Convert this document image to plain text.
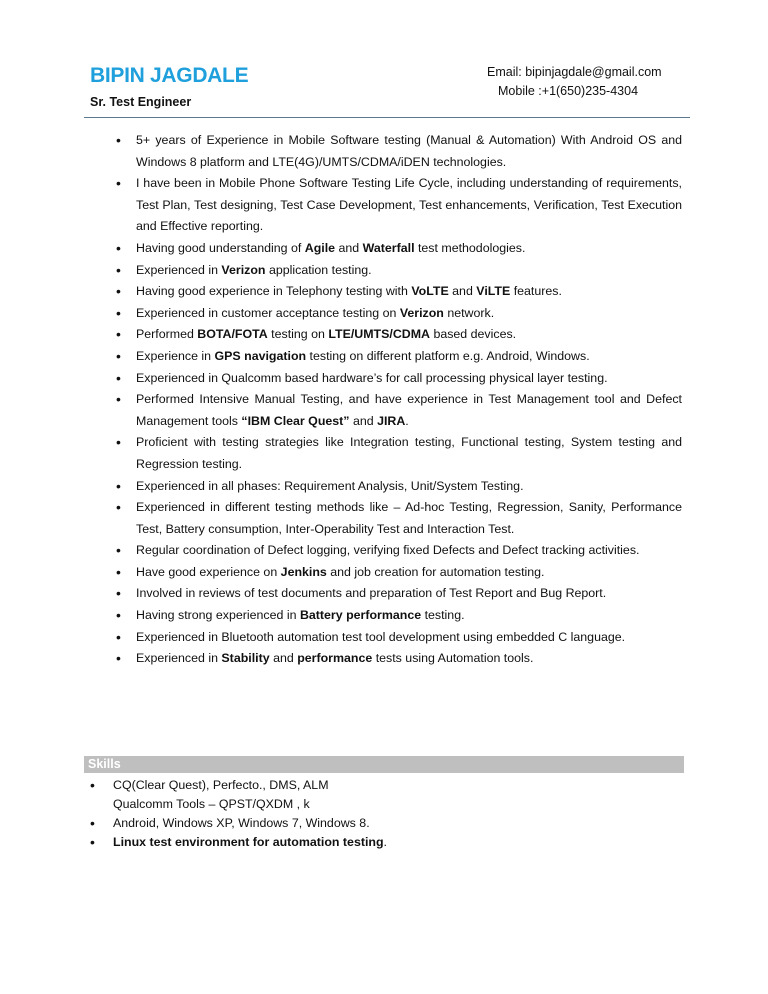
BIPIN JAGDALE
Sr. Test Engineer
Email: bipinjagdale@gmail.com
Mobile :+1(650)235-4304
• 5+ years of Experience in Mobile Software testing (Manual & Automation) With Android OS and Windows 8 platform and LTE(4G)/UMTS/CDMA/iDEN technologies.
• I have been in Mobile Phone Software Testing Life Cycle, including understanding of requirements, Test Plan, Test designing, Test Case Development, Test enhancements, Verification, Test Execution and Effective reporting.
• Having good understanding of Agile and Waterfall test methodologies.
• Experienced in Verizon application testing.
• Having good experience in Telephony testing with VoLTE and ViLTE features.
• Experienced in customer acceptance testing on Verizon network.
• Performed BOTA/FOTA testing on LTE/UMTS/CDMA based devices.
• Experience in GPS navigation testing on different platform e.g. Android, Windows.
• Experienced in Qualcomm based hardware’s for call processing physical layer testing.
• Performed Intensive Manual Testing, and have experience in Test Management tool and Defect Management tools “IBM Clear Quest” and JIRA.
• Proficient with testing strategies like Integration testing, Functional testing, System testing and Regression testing.
• Experienced in all phases: Requirement Analysis, Unit/System Testing.
• Experienced in different testing methods like – Ad-hoc Testing, Regression, Sanity, Performance Test, Battery consumption, Inter-Operability Test and Interaction Test.
• Regular coordination of Defect logging, verifying fixed Defects and Defect tracking activities.
• Have good experience on Jenkins and job creation for automation testing.
• Involved in reviews of test documents and preparation of Test Report and Bug Report.
• Having strong experienced in Battery performance testing.
• Experienced in Bluetooth automation test tool development using embedded C language.
• Experienced in Stability and performance tests using Automation tools.
Skills
• CQ(Clear Quest), Perfecto., DMS, ALM
Qualcomm Tools – QPST/QXDM , k
• Android, Windows XP, Windows 7, Windows 8.
• Linux test environment for automation testing.
